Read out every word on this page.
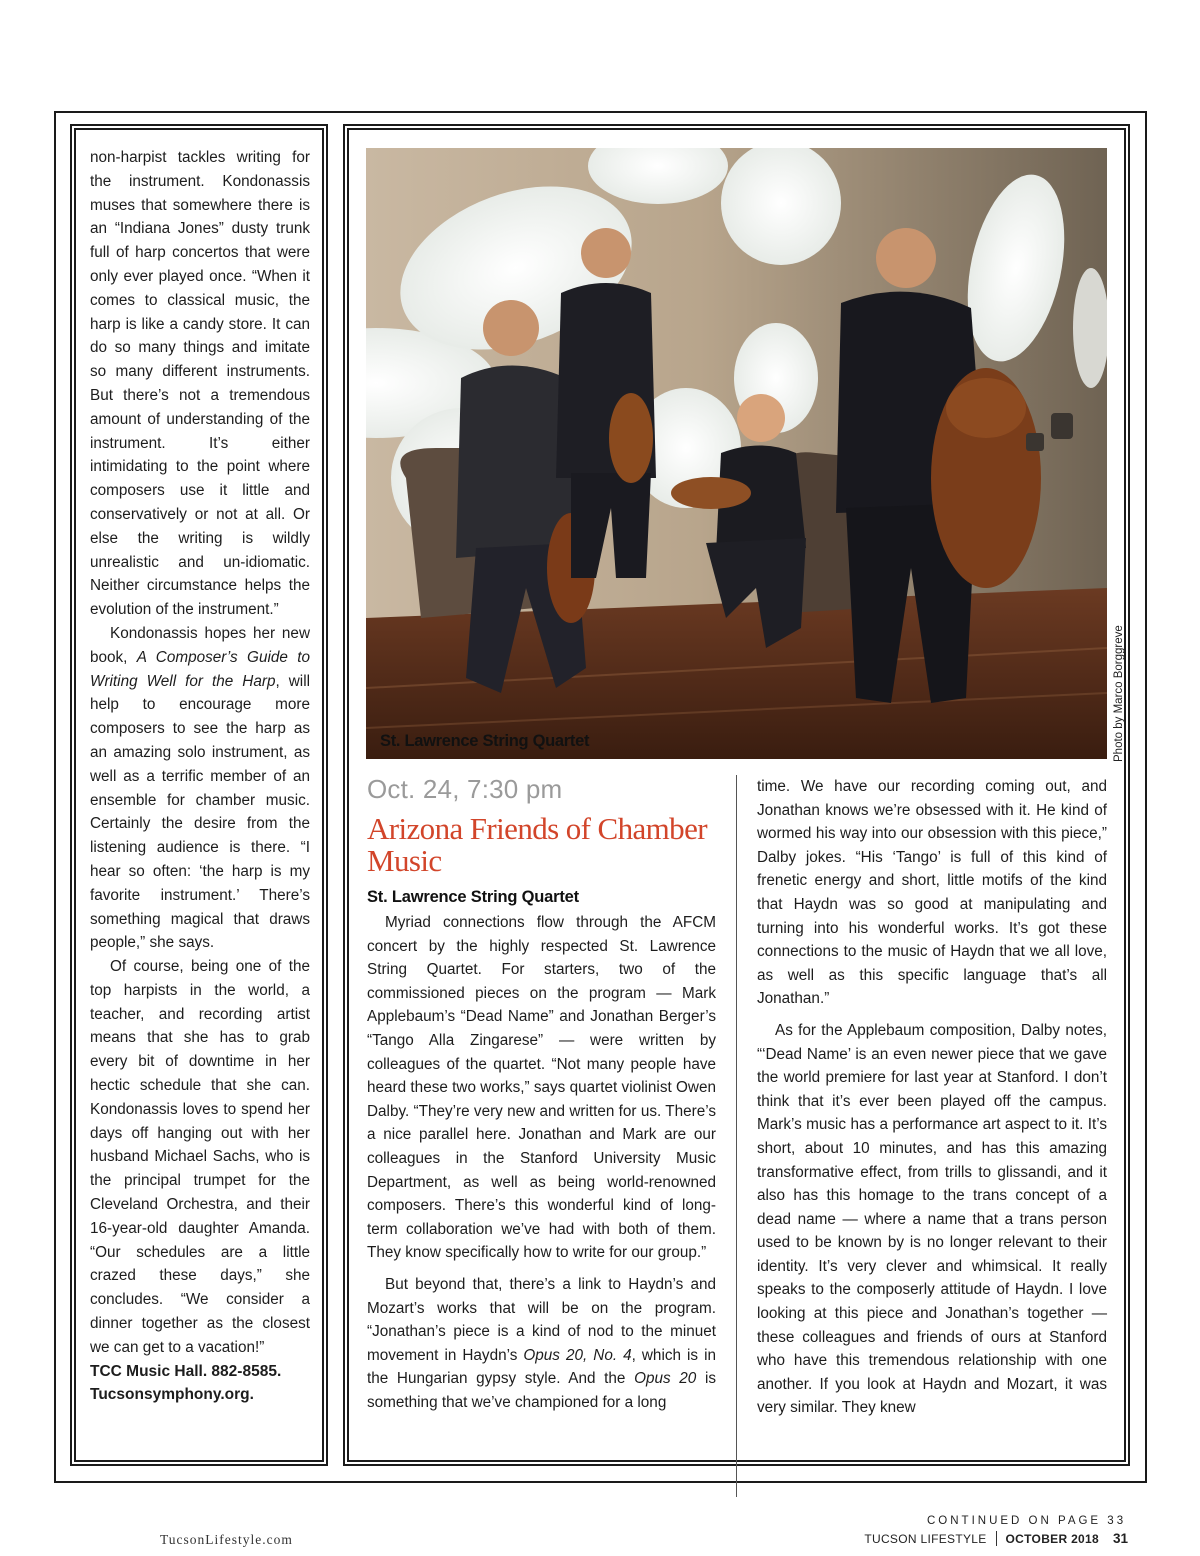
non-harpist tackles writing for the instrument. Kondonassis muses that somewhere there is an “Indiana Jones” dusty trunk full of harp concertos that were only ever played once. “When it comes to classical music, the harp is like a candy store. It can do so many things and imitate so many different instruments. But there’s not a tremendous amount of understanding of the instrument. It’s either intimidating to the point where composers use it little and conservatively or not at all. Or else the writing is wildly unrealistic and un-idiomatic. Neither circumstance helps the evolution of the instrument.”

Kondonassis hopes her new book, A Composer’s Guide to Writing Well for the Harp, will help to encourage more composers to see the harp as an amazing solo instrument, as well as a terrific member of an ensemble for chamber music. Certainly the desire from the listening audience is there. “I hear so often: ‘the harp is my favorite instrument.’ There’s something magical that draws people,” she says.

Of course, being one of the top harpists in the world, a teacher, and recording artist means that she has to grab every bit of downtime in her hectic schedule that she can. Kondonassis loves to spend her days off hanging out with her husband Michael Sachs, who is the principal trumpet for the Cleveland Orchestra, and their 16-year-old daughter Amanda. “Our schedules are a little crazed these days,” she concludes. “We consider a dinner together as the closest we can get to a vacation!”

TCC Music Hall. 882-8585.

Tucsonsymphony.org.

St. Lawrence String Quartet	Photo by Marco Borggreve
Oct. 24, 7:30 pm
Arizona Friends of Chamber Music
St. Lawrence String Quartet

Myriad connections flow through the AFCM concert by the highly respected St. Lawrence String Quartet. For starters, two of the commissioned pieces on the program — Mark Applebaum’s “Dead Name” and Jonathan Berger’s “Tango Alla Zingarese” — were written by colleagues of the quartet. “Not many people have heard these two works,” says quartet violinist Owen Dalby. “They’re very new and written for us. There’s a nice parallel here. Jonathan and Mark are our colleagues in the Stanford University Music Department, as well as being world-renowned composers. There’s this wonderful kind of long-term collaboration we’ve had with both of them. They know specifically how to write for our group.”

But beyond that, there’s a link to Haydn’s and Mozart’s works that will be on the program. “Jonathan’s piece is a kind of nod to the minuet movement in Haydn’s Opus 20, No. 4, which is in the Hungarian gypsy style. And the Opus 20 is something that we’ve championed for a long

time. We have our recording coming out, and Jonathan knows we’re obsessed with it. He kind of wormed his way into our obsession with this piece,” Dalby jokes. “His ‘Tango’ is full of this kind of frenetic energy and short, little motifs of the kind that Haydn was so good at manipulating and turning into his wonderful works. It’s got these connections to the music of Haydn that we all love, as well as this specific language that’s all Jonathan.”

As for the Applebaum composition, Dalby notes, “‘Dead Name’ is an even newer piece that we gave the world premiere for last year at Stanford. I don’t think that it’s ever been played off the campus. Mark’s music has a performance art aspect to it. It’s short, about 10 minutes, and has this amazing transformative effect, from trills to glissandi, and it also has this homage to the trans concept of a dead name — where a name that a trans person used to be known by is no longer relevant to their identity. It’s very clever and whimsical. It really speaks to the composerly attitude of Haydn. I love looking at this piece and Jonathan’s together — these colleagues and friends of ours at Stanford who have this tremendous relationship with one another. If you look at Haydn and Mozart, it was very similar. They knew

CONTINUED ON PAGE 33
TucsonLifestyle.com	TUCSON LIFESTYLE OCTOBER 2018 31
